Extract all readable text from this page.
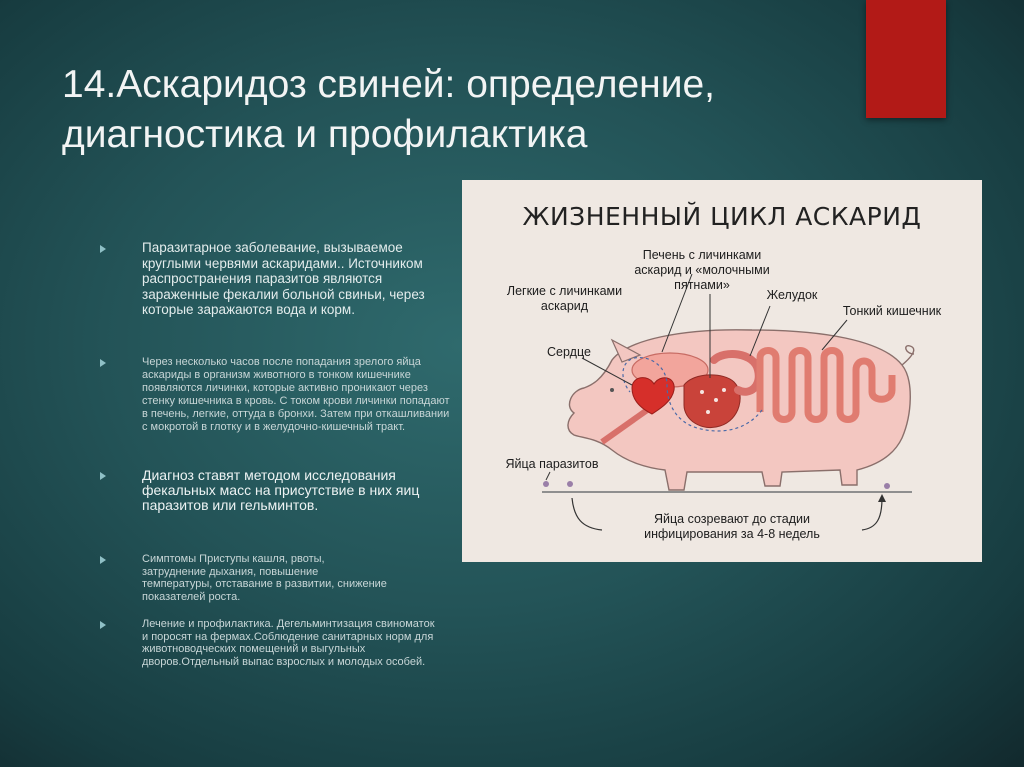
14.Аскаридоз свиней: определение,
диагностика и профилактика
Паразитарное заболевание, вызываемое круглыми червями аскаридами.. Источником распространения паразитов являются зараженные фекалии больной свиньи, через которые заражаются вода и корм.
Через несколько часов после попадания зрелого яйца аскариды в организм животного в тонком кишечнике появляются личинки, которые активно проникают через стенку кишечника в кровь. С током крови личинки попадают в печень, легкие, оттуда в бронхи. Затем при откашливании с мокротой в глотку и в желудочно-кишечный тракт.
Диагноз ставят методом исследования фекальных масс на присутствие в них яиц паразитов или гельминтов.
Симптомы Приступы кашля, рвоты, затруднение дыхания, повышение температуры, отставание в развитии, снижение показателей роста.
Лечение и профилактика. Дегельминтизация свиноматок и поросят на фермах.Соблюдение санитарных норм для животноводческих помещений и выгульных дворов.Отдельный выпас взрослых и молодых особей.
ЖИЗНЕННЫЙ ЦИКЛ АСКАРИД
Печень с личинками аскарид и «молочными пятнами»
Легкие с личинками аскарид
Желудок
Тонкий кишечник
Сердце
Яйца паразитов
Яйца созревают до стадии инфицирования за 4-8 недель
